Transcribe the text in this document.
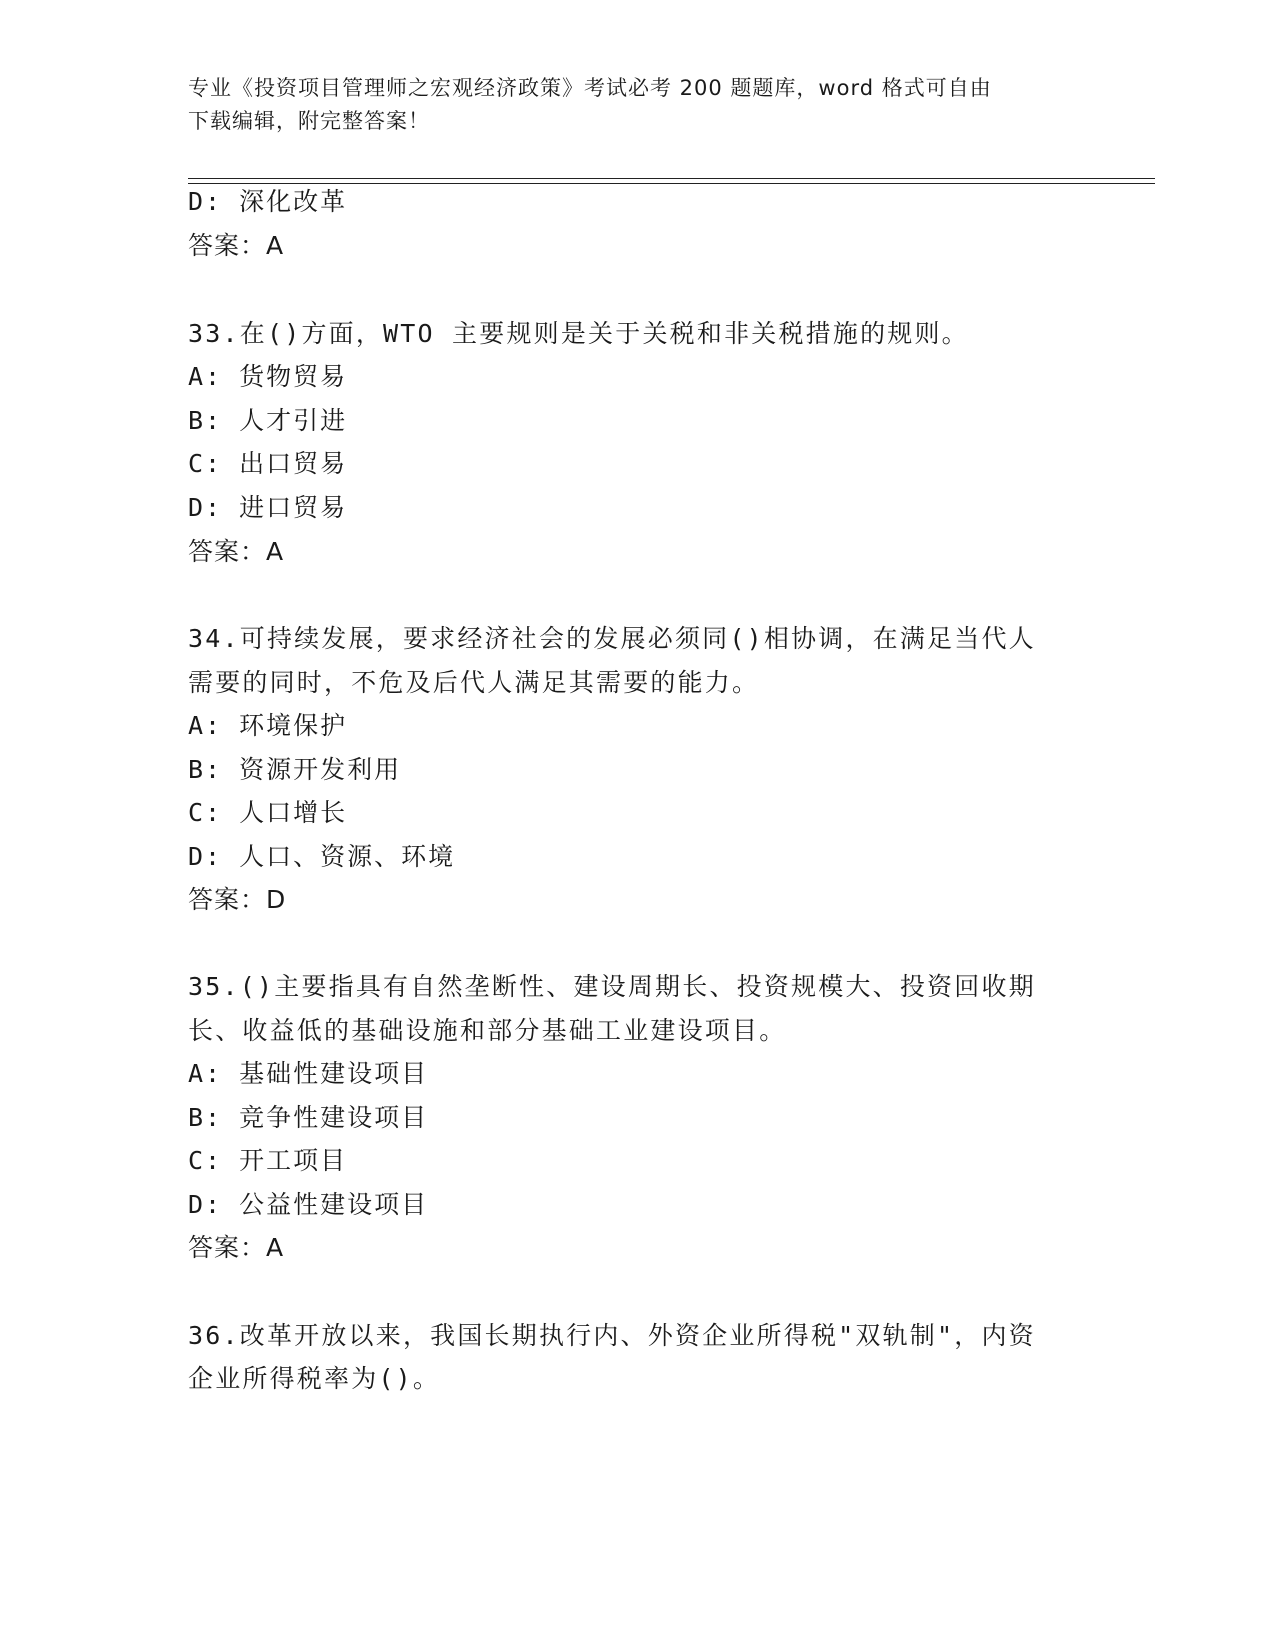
专业《投资项目管理师之宏观经济政策》考试必考 200 题题库，word 格式可自由
下载编辑，附完整答案！
D: 深化改革
答案：A
33.在()方面，WTO 主要规则是关于关税和非关税措施的规则。
A: 货物贸易
B: 人才引进
C: 出口贸易
D: 进口贸易
答案：A
34.可持续发展，要求经济社会的发展必须同()相协调，在满足当代人
需要的同时，不危及后代人满足其需要的能力。
A: 环境保护
B: 资源开发利用
C: 人口增长
D: 人口、资源、环境
答案：D
35.()主要指具有自然垄断性、建设周期长、投资规模大、投资回收期
长、收益低的基础设施和部分基础工业建设项目。
A: 基础性建设项目
B: 竞争性建设项目
C: 开工项目
D: 公益性建设项目
答案：A
36.改革开放以来，我国长期执行内、外资企业所得税"双轨制"，内资
企业所得税率为()。
